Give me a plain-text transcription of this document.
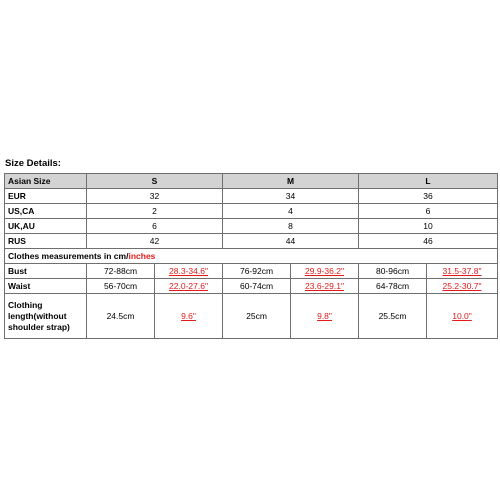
Size Details:
Asian Size	S		M		L	
EUR	32		34		36	
US,CA	2		4		6	
UK,AU	6		8		10	
RUS	42		44		46	
Clothes measurements in cm/inches						
Bust	72-88cm	28.3-34.6"	76-92cm	29.9-36.2"	80-96cm	31.5-37.8"
Waist	56-70cm	22.0-27.6"	60-74cm	23.6-29.1"	64-78cm	25.2-30.7"
Clothing length(without shoulder strap)	24.5cm	9.6"	25cm	9.8"	25.5cm	10.0"
